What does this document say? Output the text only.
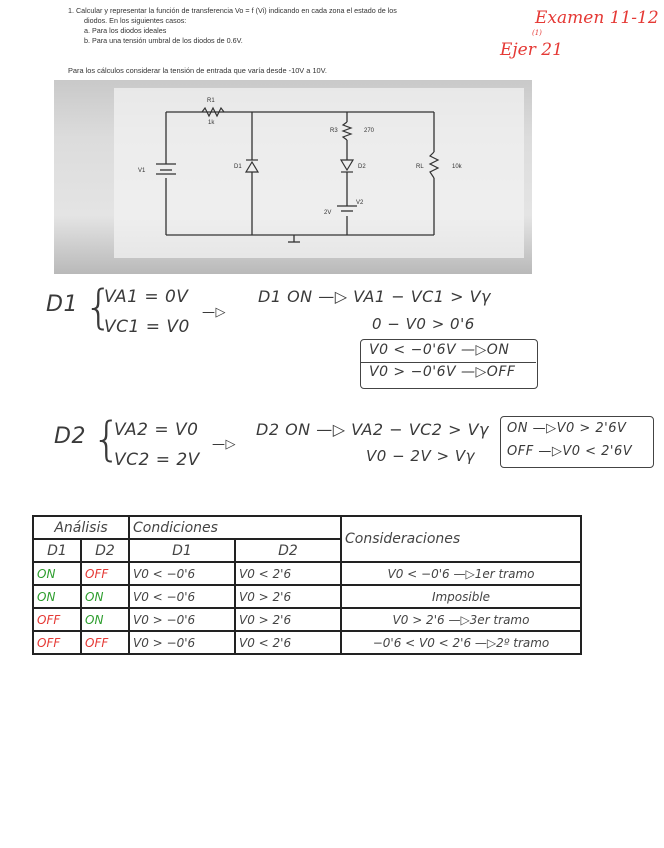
1. Calcular y representar la función de transferencia Vo = f (Vi) indicando en cada zona el estado de los
diodos. En los siguientes casos:
a. Para los diodos ideales
b. Para una tensión umbral de los diodos de 0.6V.
Para los cálculos considerar la tensión de entrada que varía desde -10V a 10V.
Examen 11-12
(1)
Ejer 21
R1
1k
R3	270
V1
D1	D2	RL	10k
2V
V2
D1 {
VA1 = 0V
VC1 = V0
—▷
D1 ON —▷ VA1 − VC1 > Vγ
0 − V0 > 0'6
V0 < −0'6V —▷ON
V0 > −0'6V —▷OFF
D2 {
VA2 = V0
VC2 = 2V
—▷
D2 ON —▷ VA2 − VC2 > Vγ
V0 − 2V > Vγ
ON —▷V0 > 2'6V
OFF —▷V0 < 2'6V
Análisis		Condiciones		Consideraciones
D1	D2	D1	D2	
ON	OFF	V0 < −0'6	V0 < 2'6	V0 < −0'6 —▷1er tramo
ON	ON	V0 < −0'6	V0 > 2'6	Imposible
OFF	ON	V0 > −0'6	V0 > 2'6	V0 > 2'6 —▷3er tramo
OFF	OFF	V0 > −0'6	V0 < 2'6	−0'6 < V0 < 2'6 —▷2º tramo
